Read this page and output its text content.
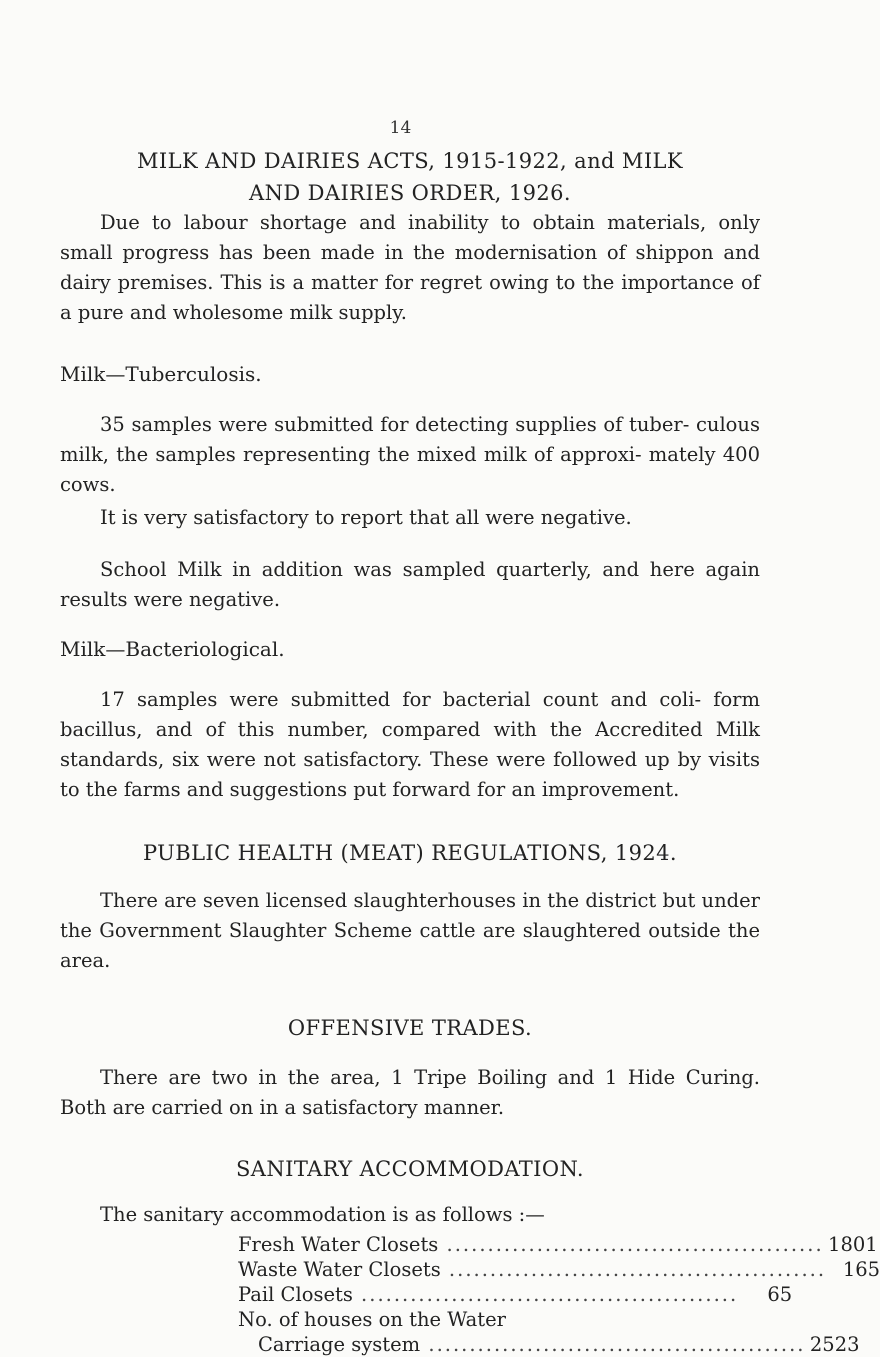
14
MILK AND DAIRIES ACTS, 1915-1922, and MILK
AND DAIRIES ORDER, 1926.

Due to labour shortage and inability to obtain materials, only small progress has been made in the modernisation of shippon and dairy premises. This is a matter for regret owing to the importance of a pure and wholesome milk supply.

Milk—Tuberculosis.

35 samples were submitted for detecting supplies of tuber- culous milk, the samples representing the mixed milk of approxi- mately 400 cows.

It is very satisfactory to report that all were negative.

School Milk in addition was sampled quarterly, and here again results were negative.

Milk—Bacteriological.

17 samples were submitted for bacterial count and coli- form bacillus, and of this number, compared with the Accredited Milk standards, six were not satisfactory. These were followed up by visits to the farms and suggestions put forward for an improvement.

PUBLIC HEALTH (MEAT) REGULATIONS, 1924.

There are seven licensed slaughterhouses in the district but under the Government Slaughter Scheme cattle are slaughtered outside the area.

OFFENSIVE TRADES.

There are two in the area, 1 Tripe Boiling and 1 Hide Curing. Both are carried on in a satisfactory manner.

SANITARY ACCOMMODATION.

The sanitary accommodation is as follows :—

Fresh Water Closets .............................................. 1801
Waste Water Closets .............................................. 165
Pail Closets ..............................................	65
No. of houses on the Water
Carriage system .............................................. 2523
